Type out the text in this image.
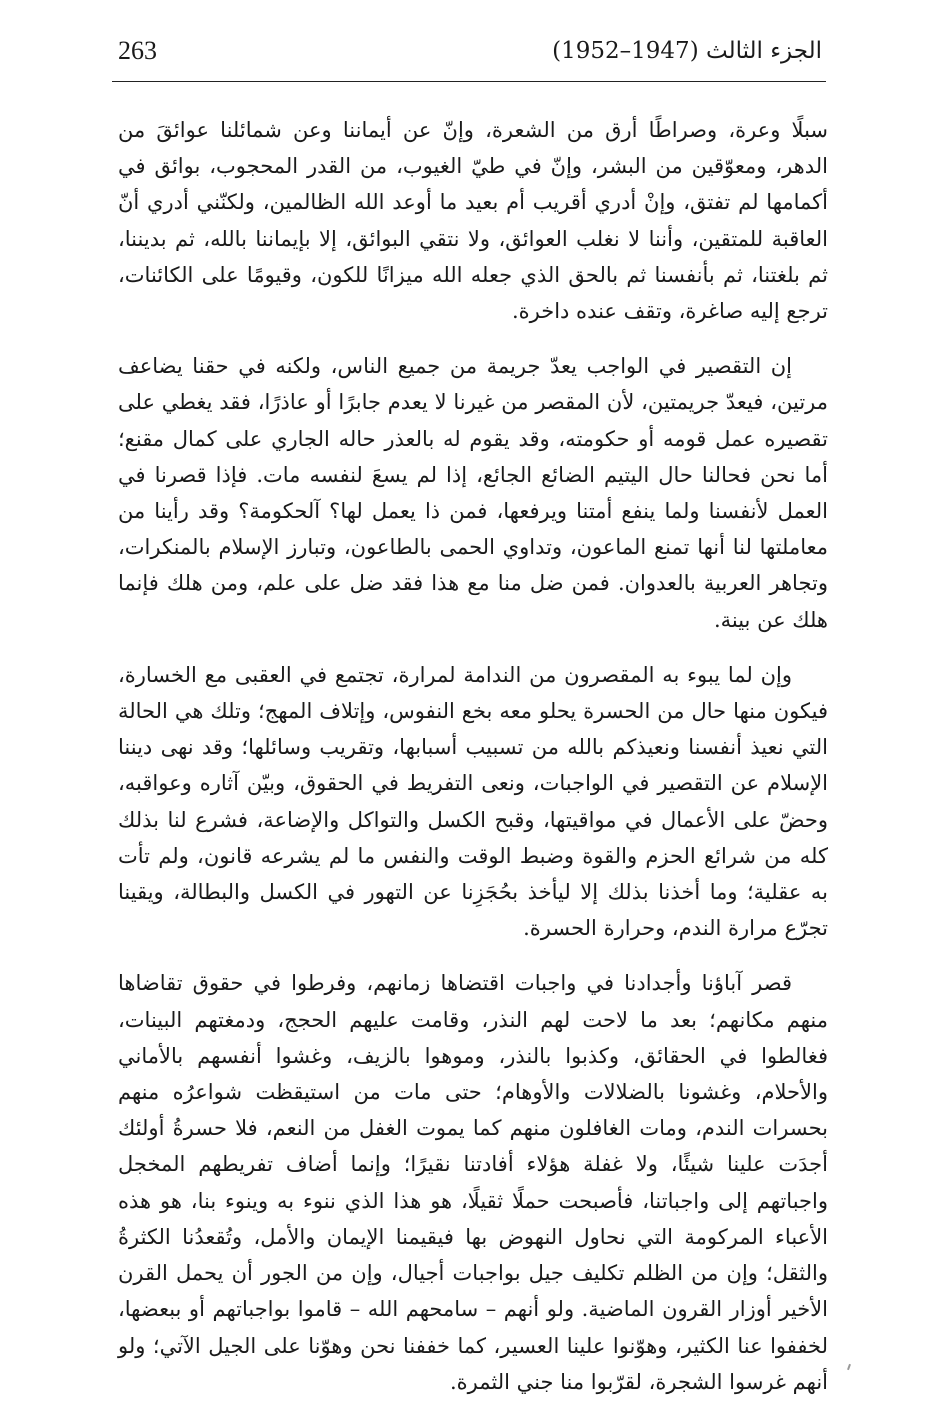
263	الجزء الثالث (1947–1952)

سبلًا وعرة، وصراطًا أرق من الشعرة، وإنّ عن أيماننا وعن شمائلنا عوائقَ من الدهر، ومعوّقين من البشر، وإنّ في طيّ الغيوب، من القدر المحجوب، بوائق في أكمامها لم تفتق، وإنْ أدري أقريب أم بعيد ما أوعد الله الظالمين، ولكنّني أدري أنّ العاقبة للمتقين، وأننا لا نغلب العوائق، ولا نتقي البوائق، إلا بإيماننا بالله، ثم بديننا، ثم بلغتنا، ثم بأنفسنا ثم بالحق الذي جعله الله ميزانًا للكون، وقيومًا على الكائنات، ترجع إليه صاغرة، وتقف عنده داخرة.

إن التقصير في الواجب يعدّ جريمة من جميع الناس، ولكنه في حقنا يضاعف مرتين، فيعدّ جريمتين، لأن المقصر من غيرنا لا يعدم جابرًا أو عاذرًا، فقد يغطي على تقصيره عمل قومه أو حكومته، وقد يقوم له بالعذر حاله الجاري على كمال مقنع؛ أما نحن فحالنا حال اليتيم الضائع الجائع، إذا لم يسعَ لنفسه مات. فإذا قصرنا في العمل لأنفسنا ولما ينفع أمتنا ويرفعها، فمن ذا يعمل لها؟ آلحكومة؟ وقد رأينا من معاملتها لنا أنها تمنع الماعون، وتداوي الحمى بالطاعون، وتبارز الإسلام بالمنكرات، وتجاهر العربية بالعدوان. فمن ضل منا مع هذا فقد ضل على علم، ومن هلك فإنما هلك عن بينة.

وإن لما يبوء به المقصرون من الندامة لمرارة، تجتمع في العقبى مع الخسارة، فيكون منها حال من الحسرة يحلو معه بخع النفوس، وإتلاف المهج؛ وتلك هي الحالة التي نعيذ أنفسنا ونعيذكم بالله من تسبيب أسبابها، وتقريب وسائلها؛ وقد نهى ديننا الإسلام عن التقصير في الواجبات، ونعى التفريط في الحقوق، وبيّن آثاره وعواقبه، وحضّ على الأعمال في مواقيتها، وقبح الكسل والتواكل والإضاعة، فشرع لنا بذلك كله من شرائع الحزم والقوة وضبط الوقت والنفس ما لم يشرعه قانون، ولم تأت به عقلية؛ وما أخذنا بذلك إلا ليأخذ بحُجَزِنا عن التهور في الكسل والبطالة، ويقينا تجرّع مرارة الندم، وحرارة الحسرة.

قصر آباؤنا وأجدادنا في واجبات اقتضاها زمانهم، وفرطوا في حقوق تقاضاها منهم مكانهم؛ بعد ما لاحت لهم النذر، وقامت عليهم الحجج، ودمغتهم البينات، فغالطوا في الحقائق، وكذبوا بالنذر، وموهوا بالزيف، وغشوا أنفسهم بالأماني والأحلام، وغشونا بالضلالات والأوهام؛ حتى مات من استيقظت شواعرُه منهم بحسرات الندم، ومات الغافلون منهم كما يموت الغفل من النعم، فلا حسرةُ أولئك أجدَت علينا شيئًا، ولا غفلة هؤلاء أفادتنا نقيرًا؛ وإنما أضاف تفريطهم المخجل واجباتهم إلى واجباتنا، فأصبحت حملًا ثقيلًا، هو هذا الذي ننوء به وينوء بنا، هو هذه الأعباء المركومة التي نحاول النهوض بها فيقيمنا الإيمان والأمل، وتُقعدُنا الكثرةُ والثقل؛ وإن من الظلم تكليف جيل بواجبات أجيال، وإن من الجور أن يحمل القرن الأخير أوزار القرون الماضية. ولو أنهم – سامحهم الله – قاموا بواجباتهم أو ببعضها، لخففوا عنا الكثير، وهوّنوا علينا العسير، كما خففنا نحن وهوّنا على الجيل الآتي؛ ولو أنهم غرسوا الشجرة، لقرّبوا منا جني الثمرة.
